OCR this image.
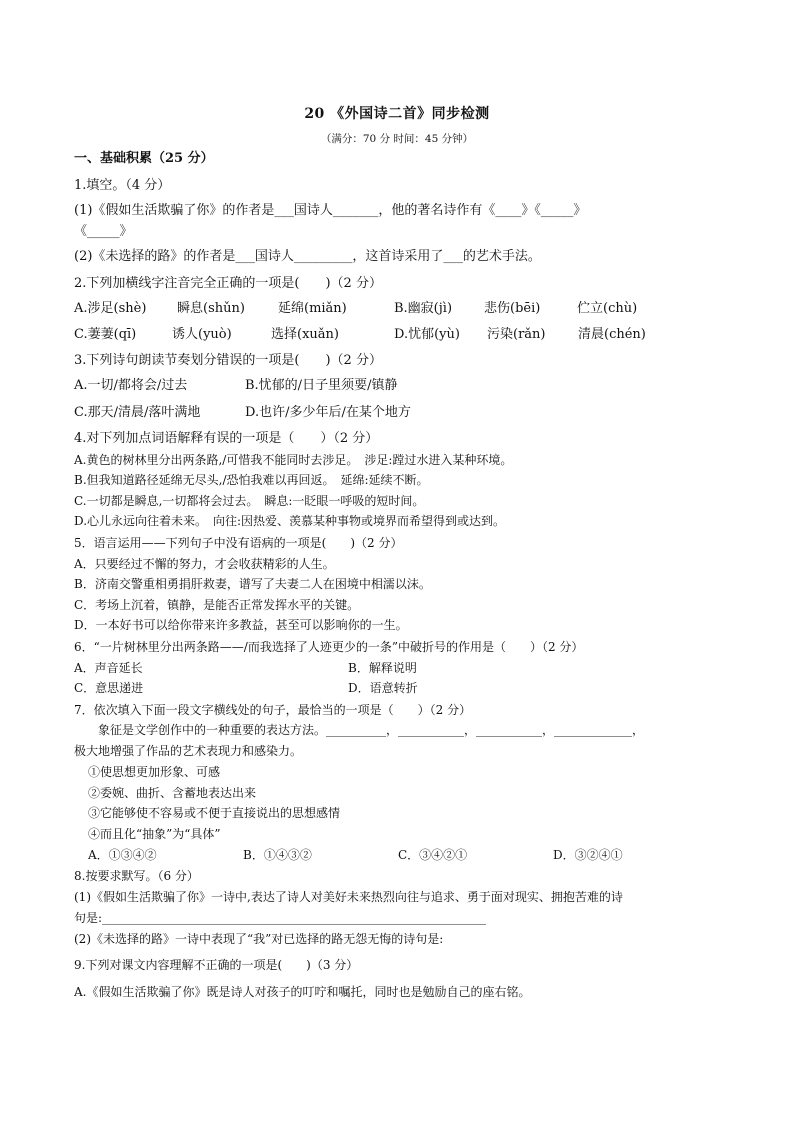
20 《外国诗二首》同步检测
（满分：70 分 时间：45 分钟）
一、基础积累（25 分）
1.填空。（4 分）
(1)《假如生活欺骗了你》的作者是___国诗人_______，他的著名诗作有《____》《_____》
《_____》
(2)《未选择的路》的作者是___国诗人_________，这首诗采用了___的艺术手法。
2.下列加横线字注音完全正确的一项是(　　)（2 分）
A.涉足(shè) 瞬息(shǔn)	延绵(miǎn)	B.幽寂(jì) 悲伤(bēi)	伫立(chù)
C.萋萋(qī)	诱人(yuò)	选择(xuǎn)	D.忧郁(yù) 污染(rǎn)	清晨(chén)
3.下列诗句朗读节奏划分错误的一项是(　　)（2 分）
A.一切/都将会/过去	B.忧郁的/日子里须要/镇静
C.那天/清晨/落叶满地	D.也许/多少年后/在某个地方
4.对下列加点词语解释有误的一项是（　　）（2 分）
A.黄色的树林里分出两条路,/可惜我不能同时去涉足。　涉足:蹚过水进入某种环境。
B.但我知道路径延绵无尽头,/恐怕我难以再回返。　延绵:延续不断。
C.一切都是瞬息,一切都将会过去。　瞬息:一眨眼一呼吸的短时间。
D.心儿永远向往着未来。　向往:因热爱、羡慕某种事物或境界而希望得到或达到。
5．语言运用——下列句子中没有语病的一项是(　　)（2 分）
A．只要经过不懈的努力，才会收获精彩的人生。
B．济南交警重相勇捐肝救妻，谱写了夫妻二人在困境中相濡以沫。
C．考场上沉着，镇静，是能否正常发挥水平的关键。
D．一本好书可以给你带来许多教益，甚至可以影响你的一生。
6．“一片树林里分出两条路——/而我选择了人迹更少的一条”中破折号的作用是（　　）（2 分）
A．声音延长	B．解释说明
C．意思递进	D．语意转折
7．依次填入下面一段文字横线处的句子，最恰当的一项是（　　）（2 分）
　　象征是文学创作中的一种重要的表达方法。__________，___________，___________，_____________，
极大地增强了作品的艺术表现力和感染力。
①使思想更加形象、可感
②委婉、曲折、含蓄地表达出来
③它能够使不容易或不便于直接说出的思想感情
④而且化“抽象”为“具体”
A．①③④②	B．①④③②	C．③④②①	D．③②④①
8.按要求默写。（6 分）
(1)《假如生活欺骗了你》一诗中,表达了诗人对美好未来热烈向往与追求、勇于面对现实、拥抱苦难的诗
句是:________________________________________________________________
(2)《未选择的路》一诗中表现了“我”对已选择的路无怨无悔的诗句是:
9.下列对课文内容理解不正确的一项是(　　)（3 分）
A.《假如生活欺骗了你》既是诗人对孩子的叮咛和嘱托，同时也是勉励自己的座右铭。
